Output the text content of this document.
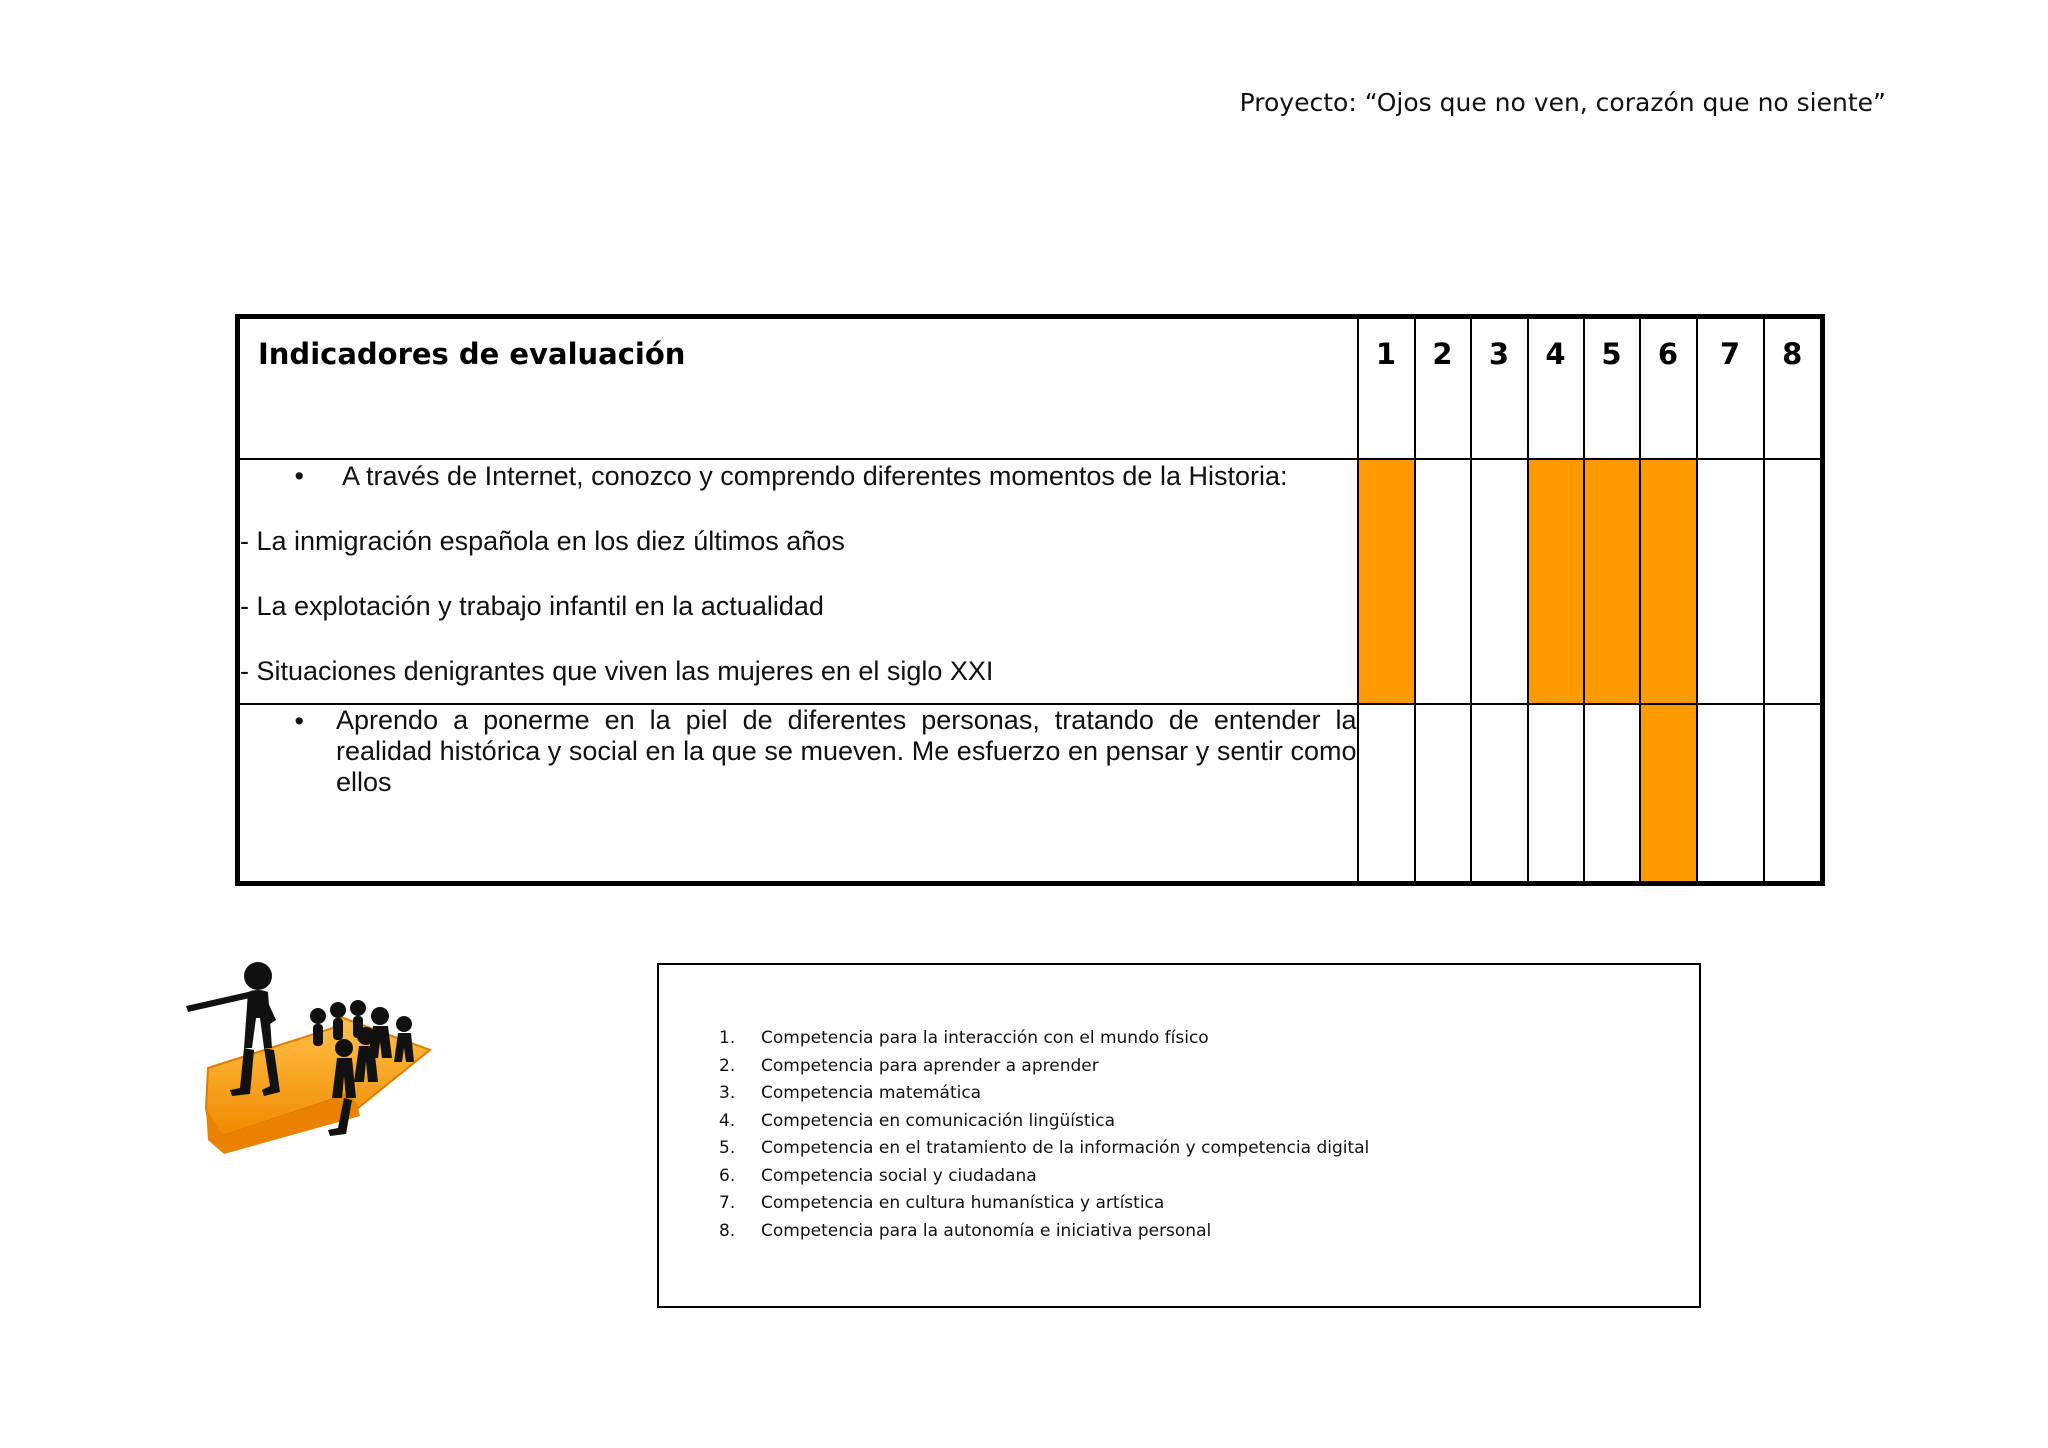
Proyecto: “Ojos que no ven, corazón que no siente”
Indicadores de evaluación	1	2	3	4	5	6	7	8

• A través de Internet, conozco y comprendo diferentes momentos de la Historia:
- La inmigración española en los diez últimos años
- La explotación y trabajo infantil en la actualidad
- Situaciones denigrantes que viven las mujeres en el siglo XXI								

• Aprendo a ponerme en la piel de diferentes personas, tratando de entender la realidad histórica y social en la que se mueven. Me esfuerzo en pensar y sentir como ellos								

1.	Competencia para la interacción con el mundo físico
2.	Competencia para aprender a aprender
3.	Competencia matemática
4.	Competencia en comunicación lingüística
5.	Competencia en el tratamiento de la información y competencia digital
6.	Competencia social y ciudadana
7.	Competencia en cultura humanística y artística
8.	Competencia para la autonomía e iniciativa personal
